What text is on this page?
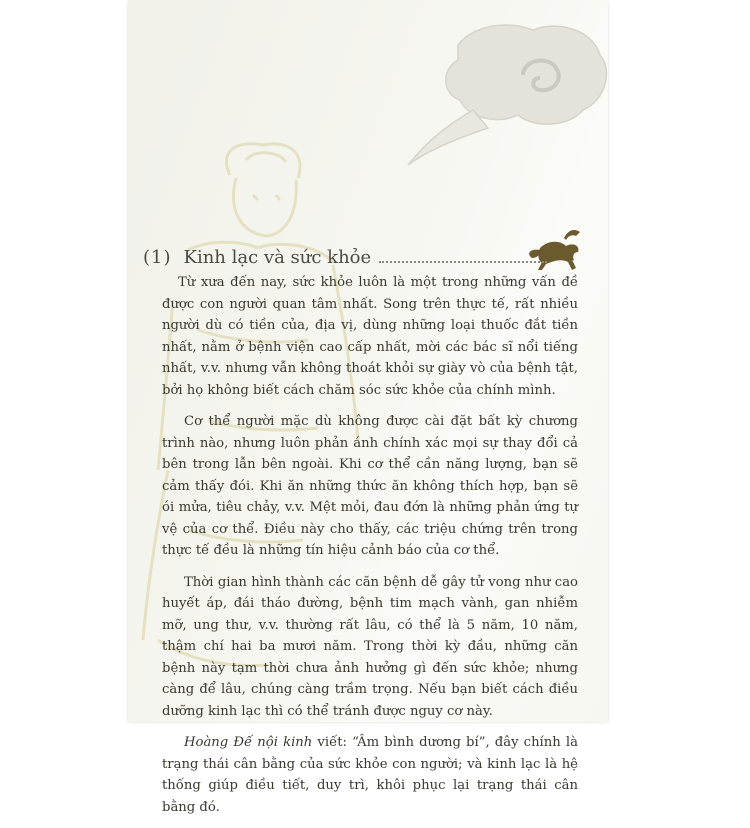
(1) Kinh lạc và sức khỏe

Từ xưa đến nay, sức khỏe luôn là một trong những vấn đề được con người quan tâm nhất. Song trên thực tế, rất nhiều người dù có tiền của, địa vị, dùng những loại thuốc đắt tiền nhất, nằm ở bệnh viện cao cấp nhất, mời các bác sĩ nổi tiếng nhất, v.v. nhưng vẫn không thoát khỏi sự giày vò của bệnh tật, bởi họ không biết cách chăm sóc sức khỏe của chính mình.

Cơ thể người mặc dù không được cài đặt bất kỳ chương trình nào, nhưng luôn phản ánh chính xác mọi sự thay đổi cả bên trong lẫn bên ngoài. Khi cơ thể cần năng lượng, bạn sẽ cảm thấy đói. Khi ăn những thức ăn không thích hợp, bạn sẽ ói mửa, tiêu chảy, v.v. Mệt mỏi, đau đớn là những phản ứng tự vệ của cơ thể. Điều này cho thấy, các triệu chứng trên trong thực tế đều là những tín hiệu cảnh báo của cơ thể.

Thời gian hình thành các căn bệnh dễ gây tử vong như cao huyết áp, đái tháo đường, bệnh tim mạch vành, gan nhiễm mỡ, ung thư, v.v. thường rất lâu, có thể là 5 năm, 10 năm, thậm chí hai ba mươi năm. Trong thời kỳ đầu, những căn bệnh này tạm thời chưa ảnh hưởng gì đến sức khỏe; nhưng càng để lâu, chúng càng trầm trọng. Nếu bạn biết cách điều dưỡng kinh lạc thì có thể tránh được nguy cơ này.

Hoàng Đế nội kinh viết: “Âm bình dương bí”, đây chính là trạng thái cân bằng của sức khỏe con người; và kinh lạc là hệ thống giúp điều tiết, duy trì, khôi phục lại trạng thái cân bằng đó.
